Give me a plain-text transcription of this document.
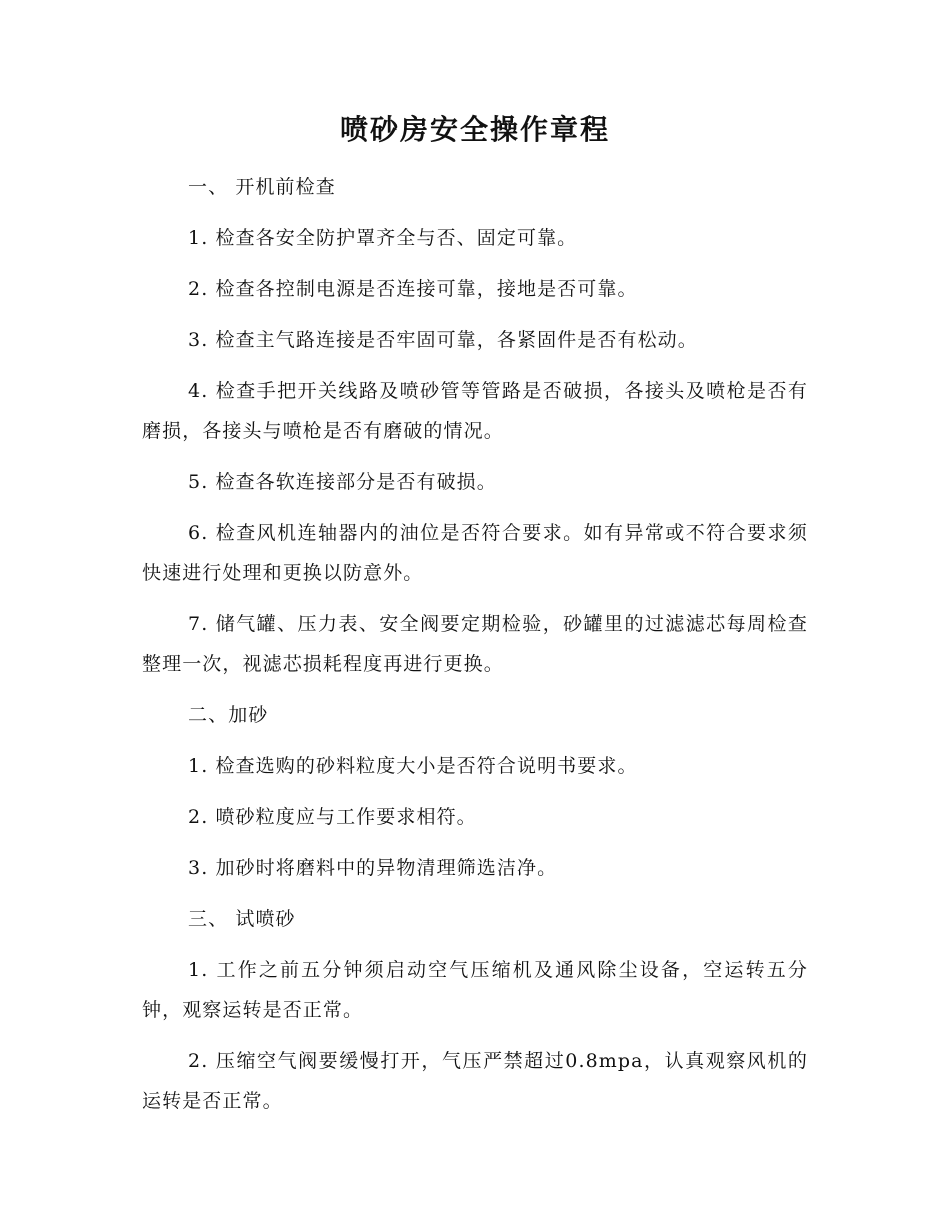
喷砂房安全操作章程

一、 开机前检查

1. 检查各安全防护罩齐全与否、固定可靠。

2. 检查各控制电源是否连接可靠，接地是否可靠。

3. 检查主气路连接是否牢固可靠，各紧固件是否有松动。

4. 检查手把开关线路及喷砂管等管路是否破损，各接头及喷枪是否有磨损，各接头与喷枪是否有磨破的情况。

5. 检查各软连接部分是否有破损。

6. 检查风机连轴器内的油位是否符合要求。如有异常或不符合要求须快速进行处理和更换以防意外。

7. 储气罐、压力表、安全阀要定期检验，砂罐里的过滤滤芯每周检查整理一次，视滤芯损耗程度再进行更换。

二、加砂

1. 检查选购的砂料粒度大小是否符合说明书要求。

2. 喷砂粒度应与工作要求相符。

3. 加砂时将磨料中的异物清理筛选洁净。

三、 试喷砂

1. 工作之前五分钟须启动空气压缩机及通风除尘设备，空运转五分钟，观察运转是否正常。

2. 压缩空气阀要缓慢打开，气压严禁超过0.8mpa，认真观察风机的运转是否正常。
